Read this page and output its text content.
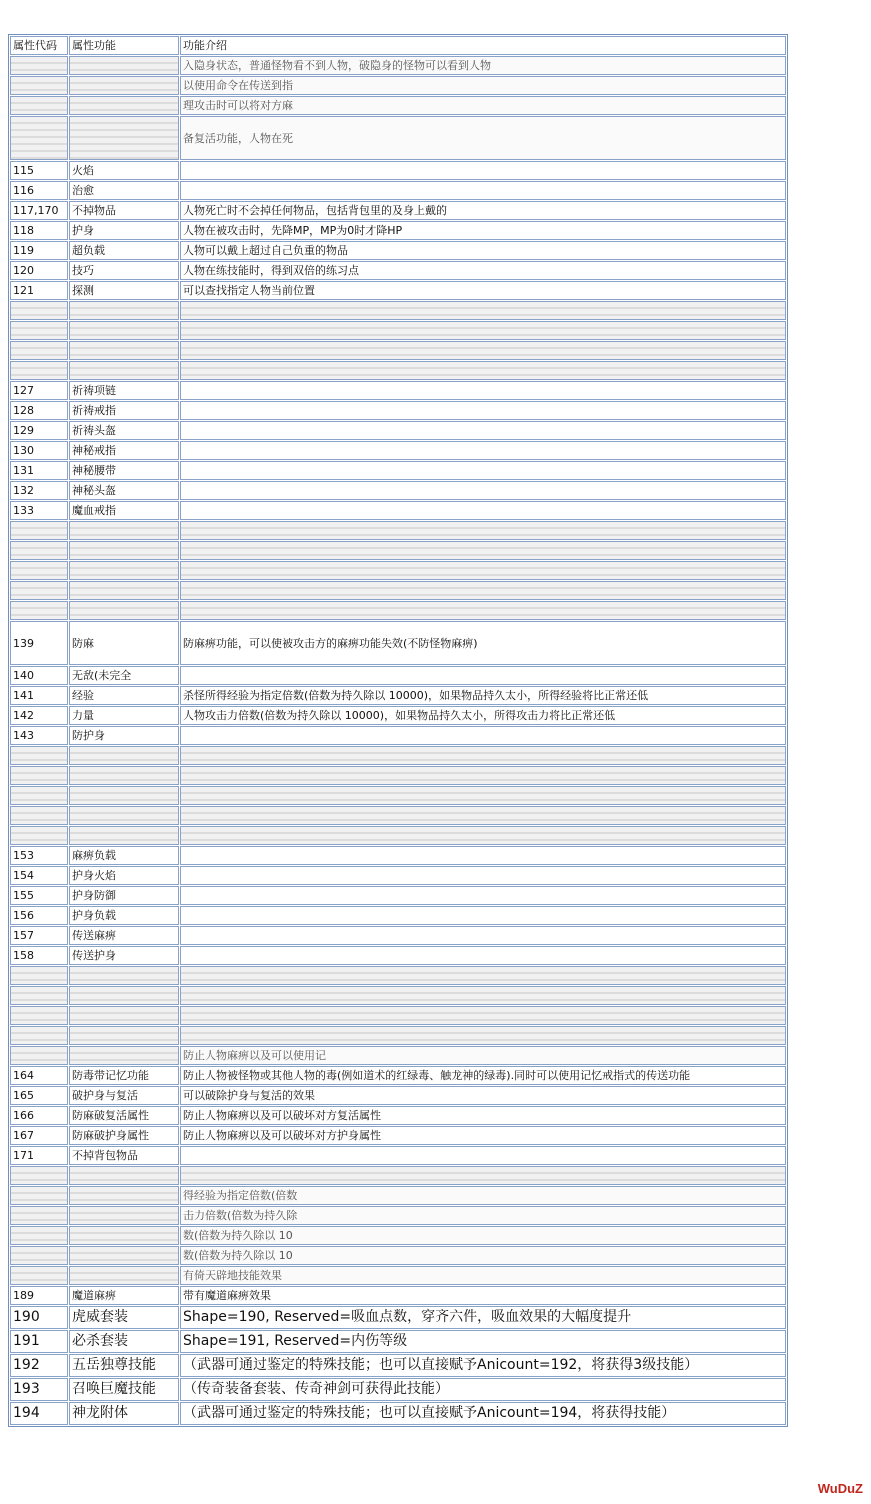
属性代码	属性功能	功能介绍
		入隐身状态，普通怪物看不到人物，破隐身的怪物可以看到人物
		以使用命令在传送到指
		理攻击时可以将对方麻
		备复活功能，人物在死
115	火焰	
116	治愈	
117,170	不掉物品	人物死亡时不会掉任何物品，包括背包里的及身上戴的
118	护身	人物在被攻击时，先降MP，MP为0时才降HP
119	超负载	人物可以戴上超过自己负重的物品
120	技巧	人物在练技能时，得到双倍的练习点
121	探测	可以查找指定人物当前位置

127	祈祷项链	
128	祈祷戒指	
129	祈祷头盔	
130	神秘戒指	
131	神秘腰带	
132	神秘头盔	
133	魔血戒指	

139	防麻	防麻痹功能，可以使被攻击方的麻痹功能失效(不防怪物麻痹)
140	无敌(未完全	
141	经验	杀怪所得经验为指定倍数(倍数为持久除以 10000)，如果物品持久太小，所得经验将比正常还低
142	力量	人物攻击力倍数(倍数为持久除以 10000)，如果物品持久太小，所得攻击力将比正常还低
143	防护身	

153	麻痹负载	
154	护身火焰	
155	护身防御	
156	护身负载	
157	传送麻痹	
158	传送护身	

		防止人物麻痹以及可以使用记
164	防毒带记忆功能	防止人物被怪物或其他人物的毒(例如道术的红绿毒、触龙神的绿毒).同时可以使用记忆戒指式的传送功能
165	破护身与复活	可以破除护身与复活的效果
166	防麻破复活属性	防止人物麻痹以及可以破坏对方复活属性
167	防麻破护身属性	防止人物麻痹以及可以破坏对方护身属性
171	不掉背包物品	

		得经验为指定倍数(倍数
		击力倍数(倍数为持久除
		数(倍数为持久除以 10
		数(倍数为持久除以 10
		有倚天辟地技能效果
189	魔道麻痹	带有魔道麻痹效果
190	虎威套装	Shape=190, Reserved=吸血点数，穿齐六件，吸血效果的大幅度提升
191	必杀套装	Shape=191, Reserved=内伤等级
192	五岳独尊技能	（武器可通过鉴定的特殊技能；也可以直接赋予Anicount=192，将获得3级技能）
193	召唤巨魔技能	（传奇装备套装、传奇神剑可获得此技能）
194	神龙附体	（武器可通过鉴定的特殊技能；也可以直接赋予Anicount=194，将获得技能）
WuDuZ
